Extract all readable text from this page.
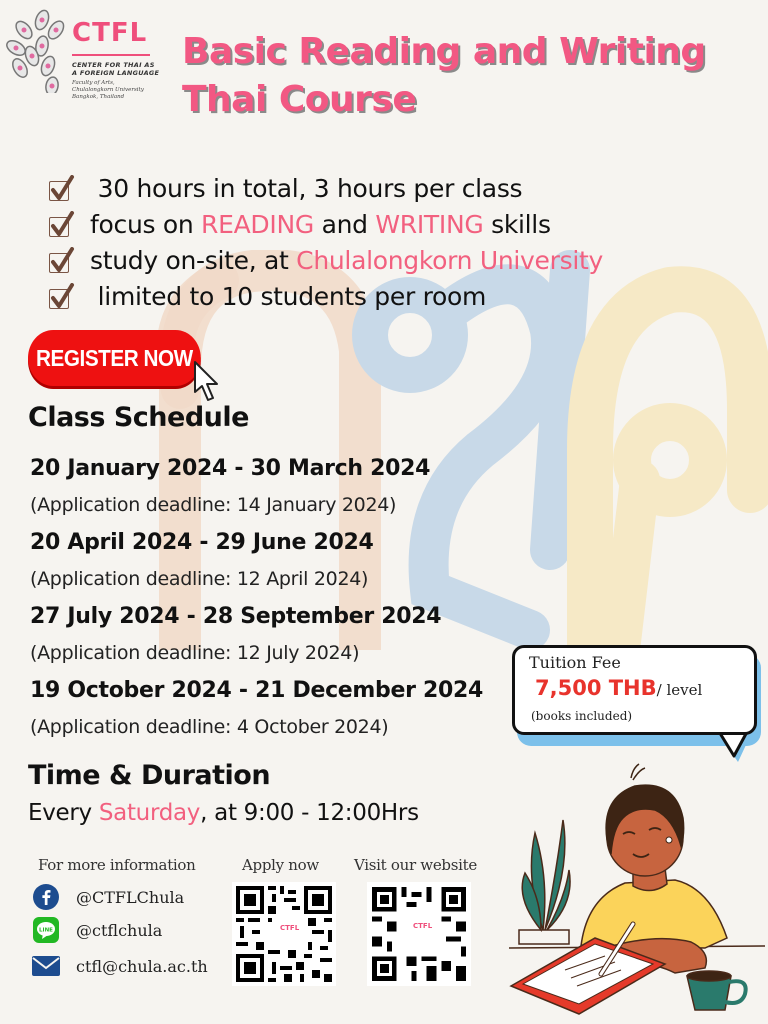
CTFL
CENTER FOR THAI AS
A FOREIGN LANGUAGE
Faculty of Arts,
Chulalongkorn University
Bangkok, Thailand
Basic Reading and Writing
Thai Course
30 hours in total, 3 hours per class
focus on READING and WRITING skills
study on-site, at Chulalongkorn University
limited to 10 students per room
REGISTER NOW
Class Schedule
20 January 2024 - 30 March 2024
(Application deadline: 14 January 2024)
20 April 2024 - 29 June 2024
(Application deadline: 12 April 2024)
27 July 2024 - 28 September 2024
(Application deadline: 12 July 2024)
19 October 2024 - 21 December 2024
(Application deadline: 4 October 2024)
Tuition Fee
7,500 THB/ level
(books included)
Time & Duration
Every Saturday, at 9:00 - 12:00Hrs
For more information	Apply now Visit our website
@CTFLChula
LINE @ctflchula
ctfl@chula.ac.th
CTFL	CTFL
